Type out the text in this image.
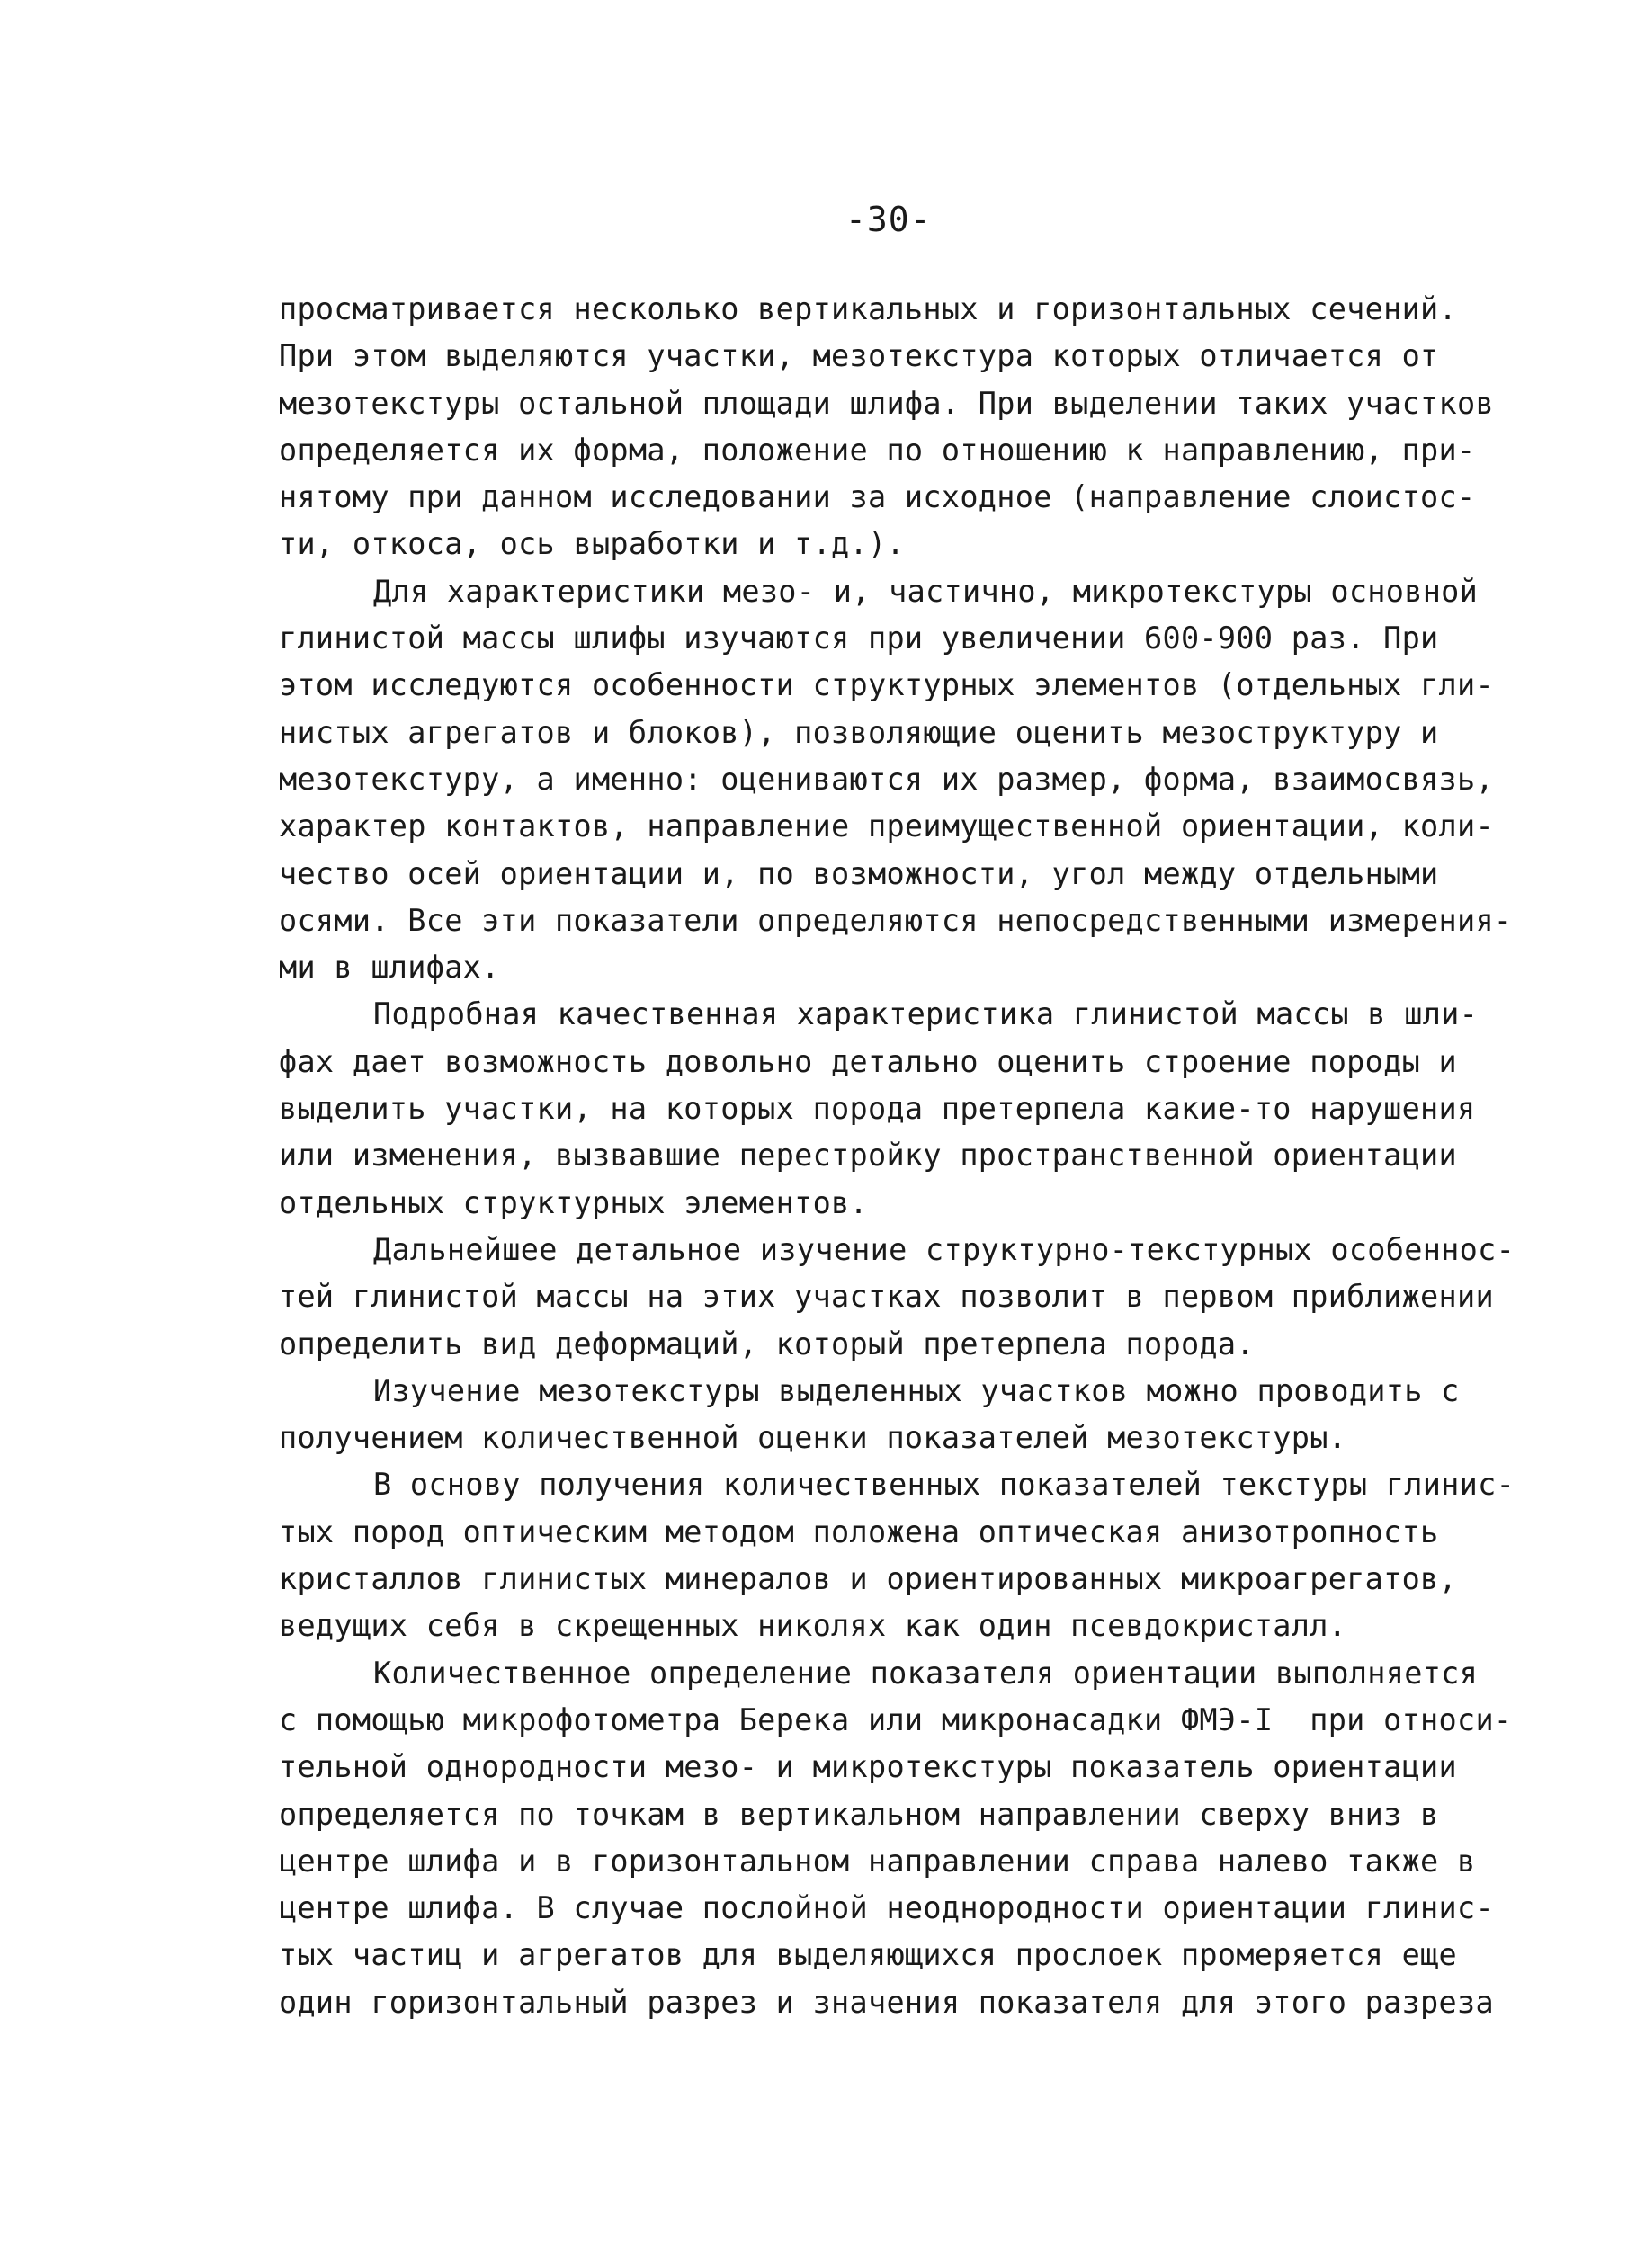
-30-
просматривается несколько вертикальных и горизонтальных сечений.
При этом выделяются участки, мезотекстура которых отличается от
мезотекстуры остальной площади шлифа. При выделении таких участков
определяется их форма, положение по отношению к направлению, при-
нятому при данном исследовании за исходное (направление слоистос-
ти, откоса, ось выработки и т.д.).
Для характеристики мезо- и, частично, микротекстуры основной
глинистой массы шлифы изучаются при увеличении 600-900 раз. При
этом исследуются особенности структурных элементов (отдельных гли-
нистых агрегатов и блоков), позволяющие оценить мезоструктуру и
мезотекстуру, а именно: оцениваются их размер, форма, взаимосвязь,
характер контактов, направление преимущественной ориентации, коли-
чество осей ориентации и, по возможности, угол между отдельными
осями. Все эти показатели определяются непосредственными измерения-
ми в шлифах.
Подробная качественная характеристика глинистой массы в шли-
фах дает возможность довольно детально оценить строение породы и
выделить участки, на которых порода претерпела какие-то нарушения
или изменения, вызвавшие перестройку пространственной ориентации
отдельных структурных элементов.
Дальнейшее детальное изучение структурно-текстурных особеннос-
тей глинистой массы на этих участках позволит в первом приближении
определить вид деформаций, который претерпела порода.
Изучение мезотекстуры выделенных участков можно проводить с
получением количественной оценки показателей мезотекстуры.
В основу получения количественных показателей текстуры глинис-
тых пород оптическим методом положена оптическая анизотропность
кристаллов глинистых минералов и ориентированных микроагрегатов,
ведущих себя в скрещенных николях как один псевдокристалл.
Количественное определение показателя ориентации выполняется
с помощью микрофотометра Берека или микронасадки ФМЭ-I  при относи-
тельной однородности мезо- и микротекстуры показатель ориентации
определяется по точкам в вертикальном направлении сверху вниз в
центре шлифа и в горизонтальном направлении справа налево также в
центре шлифа. В случае послойной неоднородности ориентации глинис-
тых частиц и агрегатов для выделяющихся прослоек промеряется еще
один горизонтальный разрез и значения показателя для этого разреза
